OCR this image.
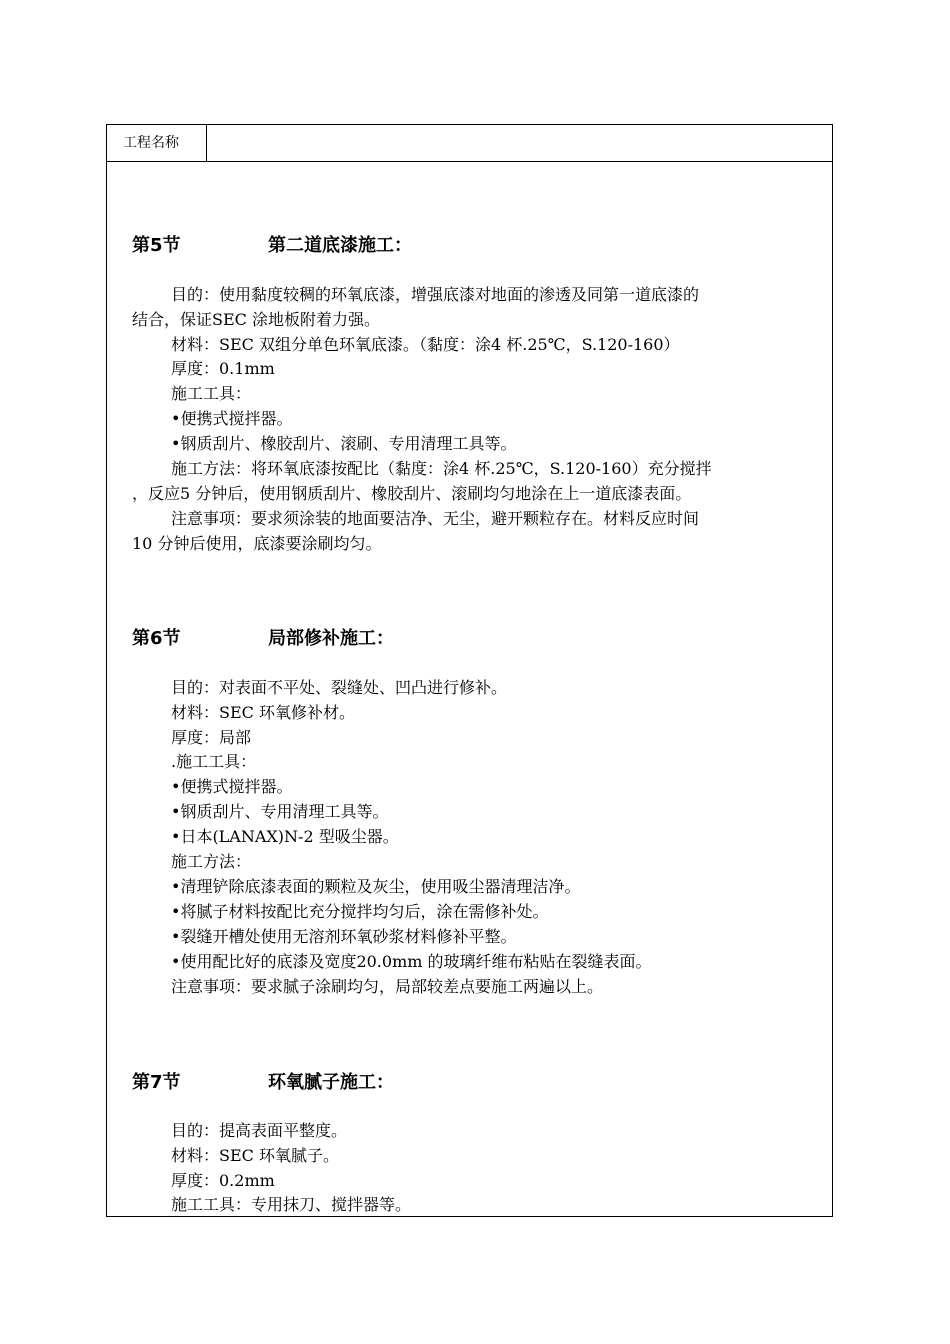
工程名称
第5节	第二道底漆施工：
目的：使用黏度较稠的环氧底漆，增强底漆对地面的渗透及同第一道底漆的
结合，保证SEC 涂地板附着力强。
材料：SEC 双组分单色环氧底漆。（黏度：涂4 杯.25℃，S.120-160）
厚度：0.1mm
施工工具：
•便携式搅拌器。
•钢质刮片、橡胶刮片、滚刷、专用清理工具等。
施工方法：将环氧底漆按配比（黏度：涂4 杯.25℃，S.120-160）充分搅拌
，反应5 分钟后，使用钢质刮片、橡胶刮片、滚刷均匀地涂在上一道底漆表面。
注意事项：要求须涂装的地面要洁净、无尘，避开颗粒存在。材料反应时间
10 分钟后使用，底漆要涂刷均匀。
第6节	局部修补施工：
目的：对表面不平处、裂缝处、凹凸进行修补。
材料：SEC 环氧修补材。
厚度：局部
.施工工具：
•便携式搅拌器。
•钢质刮片、专用清理工具等。
•日本(LANAX)N-2 型吸尘器。
施工方法：
•清理铲除底漆表面的颗粒及灰尘，使用吸尘器清理洁净。
•将腻子材料按配比充分搅拌均匀后，涂在需修补处。
•裂缝开槽处使用无溶剂环氧砂浆材料修补平整。
•使用配比好的底漆及宽度20.0mm 的玻璃纤维布粘贴在裂缝表面。
注意事项：要求腻子涂刷均匀，局部较差点要施工两遍以上。
第7节	环氧腻子施工：
目的：提高表面平整度。
材料：SEC 环氧腻子。
厚度：0.2mm
施工工具：专用抹刀、搅拌器等。
